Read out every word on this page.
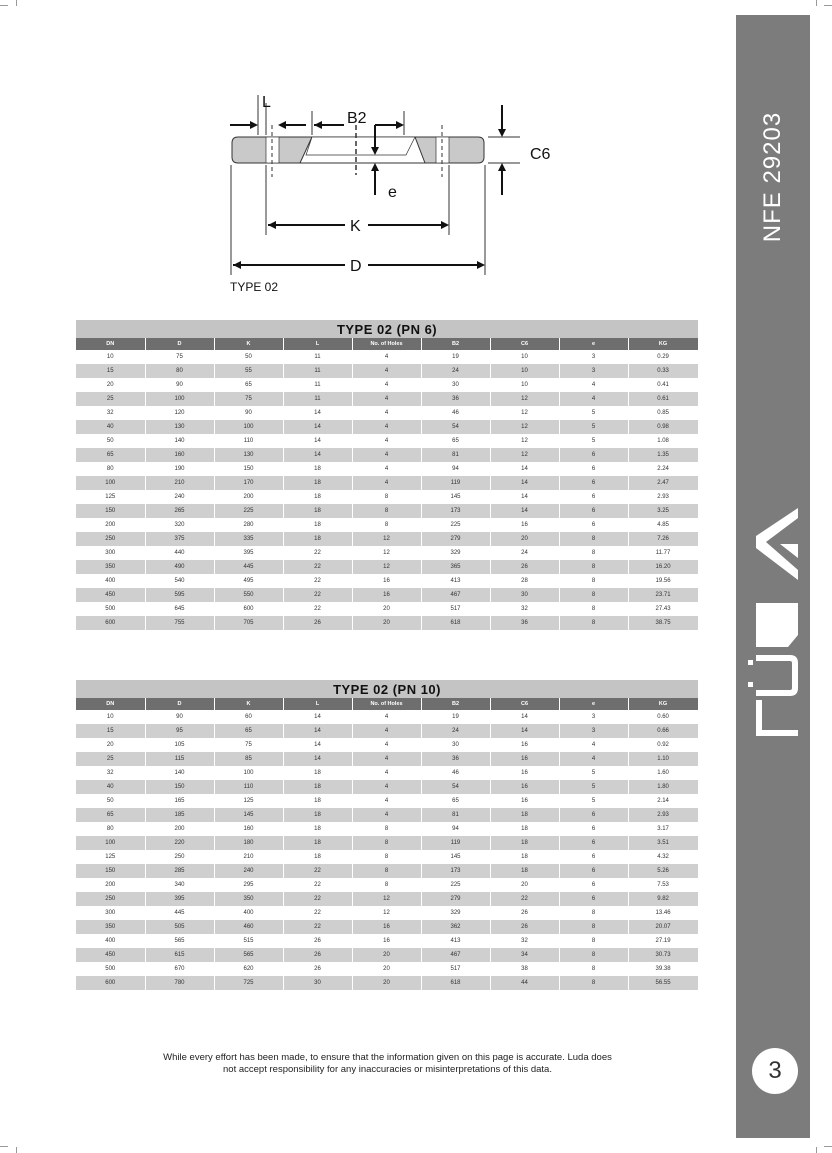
NFE 29203
3
L
B2
e
C6
K
D
TYPE 02
TYPE 02 (PN 6)								
DN	D	K	L	No. of Holes	B2	C6	e	KG
10	75	50	11	4	19	10	3	0.29
15	80	55	11	4	24	10	3	0.33
20	90	65	11	4	30	10	4	0.41
25	100	75	11	4	36	12	4	0.61
32	120	90	14	4	46	12	5	0.85
40	130	100	14	4	54	12	5	0.98
50	140	110	14	4	65	12	5	1.08
65	160	130	14	4	81	12	6	1.35
80	190	150	18	4	94	14	6	2.24
100	210	170	18	4	119	14	6	2.47
125	240	200	18	8	145	14	6	2.93
150	265	225	18	8	173	14	6	3.25
200	320	280	18	8	225	16	6	4.85
250	375	335	18	12	279	20	8	7.26
300	440	395	22	12	329	24	8	11.77
350	490	445	22	12	365	26	8	16.20
400	540	495	22	16	413	28	8	19.56
450	595	550	22	16	467	30	8	23.71
500	645	600	22	20	517	32	8	27.43
600	755	705	26	20	618	36	8	38.75
TYPE 02 (PN 10)								
DN	D	K	L	No. of Holes	B2	C6	e	KG
10	90	60	14	4	19	14	3	0.60
15	95	65	14	4	24	14	3	0.66
20	105	75	14	4	30	16	4	0.92
25	115	85	14	4	36	16	4	1.10
32	140	100	18	4	46	16	5	1.60
40	150	110	18	4	54	16	5	1.80
50	165	125	18	4	65	16	5	2.14
65	185	145	18	4	81	18	6	2.93
80	200	160	18	8	94	18	6	3.17
100	220	180	18	8	119	18	6	3.51
125	250	210	18	8	145	18	6	4.32
150	285	240	22	8	173	18	6	5.26
200	340	295	22	8	225	20	6	7.53
250	395	350	22	12	279	22	6	9.82
300	445	400	22	12	329	26	8	13.46
350	505	460	22	16	362	26	8	20.07
400	565	515	26	16	413	32	8	27.19
450	615	565	26	20	467	34	8	30.73
500	670	620	26	20	517	38	8	39.38
600	780	725	30	20	618	44	8	56.55
While every effort has been made, to ensure that the information given on this page is accurate. Luda does
not accept responsibility for any inaccuracies or misinterpretations of this data.
